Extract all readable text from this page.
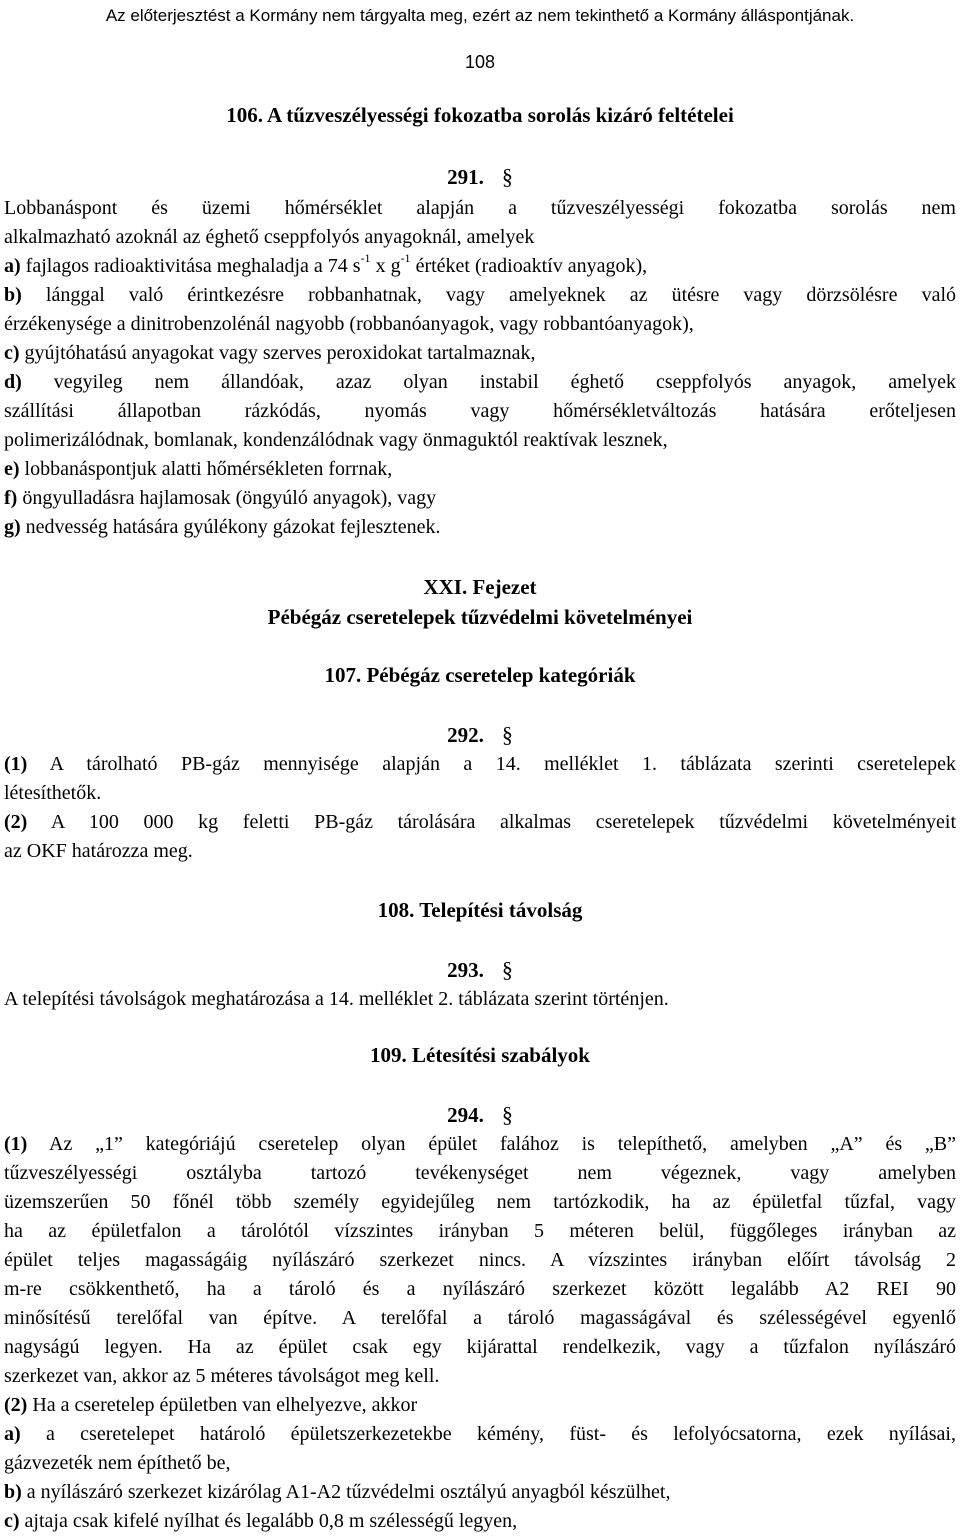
Az előterjesztést a Kormány nem tárgyalta meg, ezért az nem tekinthető a Kormány álláspontjának.
108
106. A tűzveszélyességi fokozatba sorolás kizáró feltételei
291. §
Lobbanáspont és üzemi hőmérséklet alapján a tűzveszélyességi fokozatba sorolás nem
alkalmazható azoknál az éghető cseppfolyós anyagoknál, amelyek
a) fajlagos radioaktivitása meghaladja a 74 $s^{-1}$ x $g^{-1}$ értéket (radioaktív anyagok),
b) lánggal való érintkezésre robbanhatnak, vagy amelyeknek az ütésre vagy dörzsölésre való
érzékenysége a dinitrobenzolénál nagyobb (robbanóanyagok, vagy robbantóanyagok),
c) gyújtóhatású anyagokat vagy szerves peroxidokat tartalmaznak,
d) vegyileg nem állandóak, azaz olyan instabil éghető cseppfolyós anyagok, amelyek
szállítási állapotban rázkódás, nyomás vagy hőmérsékletváltozás hatására erőteljesen
polimerizálódnak, bomlanak, kondenzálódnak vagy önmaguktól reaktívak lesznek,
e) lobbanáspontjuk alatti hőmérsékleten forrnak,
f) öngyulladásra hajlamosak (öngyúló anyagok), vagy
g) nedvesség hatására gyúlékony gázokat fejlesztenek.
XXI. Fejezet
Pébégáz cseretelepek tűzvédelmi követelményei
107. Pébégáz cseretelep kategóriák
292. §
(1) A tárolható PB-gáz mennyisége alapján a 14. melléklet 1. táblázata szerinti cseretelepek
létesíthetők.
(2) A 100 000 kg feletti PB-gáz tárolására alkalmas cseretelepek tűzvédelmi követelményeit
az OKF határozza meg.
108. Telepítési távolság
293. §
A telepítési távolságok meghatározása a 14. melléklet 2. táblázata szerint történjen.
109. Létesítési szabályok
294. §
(1) Az „1” kategóriájú cseretelep olyan épület falához is telepíthető, amelyben „A” és „B”
tűzveszélyességi osztályba tartozó tevékenységet nem végeznek, vagy amelyben
üzemszerűen 50 főnél több személy egyidejűleg nem tartózkodik, ha az épületfal tűzfal, vagy
ha az épületfalon a tárolótól vízszintes irányban 5 méteren belül, függőleges irányban az
épület teljes magasságáig nyílászáró szerkezet nincs. A vízszintes irányban előírt távolság 2
m-re csökkenthető, ha a tároló és a nyílászáró szerkezet között legalább A2 REI 90
minősítésű terelőfal van építve. A terelőfal a tároló magasságával és szélességével egyenlő
nagyságú legyen. Ha az épület csak egy kijárattal rendelkezik, vagy a tűzfalon nyílászáró
szerkezet van, akkor az 5 méteres távolságot meg kell.
(2) Ha a cseretelep épületben van elhelyezve, akkor
a) a cseretelepet határoló épületszerkezetekbe kémény, füst- és lefolyócsatorna, ezek nyílásai,
gázvezeték nem építhető be,
b) a nyílászáró szerkezet kizárólag A1-A2 tűzvédelmi osztályú anyagból készülhet,
c) ajtaja csak kifelé nyílhat és legalább 0,8 m szélességű legyen,
